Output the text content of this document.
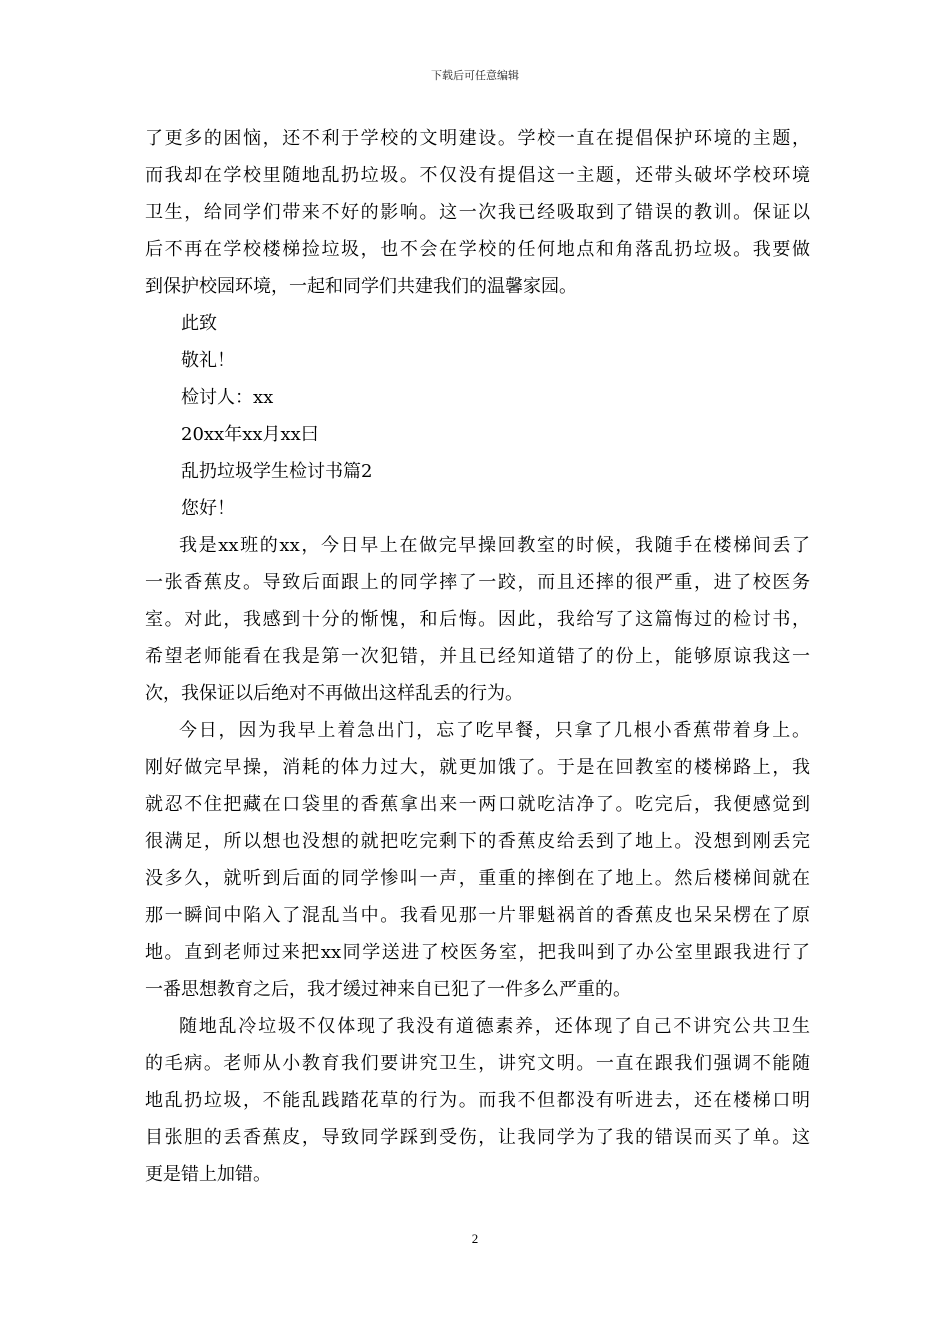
下载后可任意编辑
了更多的困恼，还不利于学校的文明建设。学校一直在提倡保护环境的主题，
而我却在学校里随地乱扔垃圾。不仅没有提倡这一主题，还带头破坏学校环境
卫生，给同学们带来不好的影响。这一次我已经吸取到了错误的教训。保证以
后不再在学校楼梯捡垃圾，也不会在学校的任何地点和角落乱扔垃圾。我要做
到保护校园环境，一起和同学们共建我们的温馨家园。
此致
敬礼！
检讨人：xx
20xx年xx月xx曰
乱扔垃圾学生检讨书篇2
您好！
我是xx班的xx，今日早上在做完早操回教室的时候，我随手在楼梯间丢了
一张香蕉皮。导致后面跟上的同学摔了一跤，而且还摔的很严重，进了校医务
室。对此，我感到十分的惭愧，和后悔。因此，我给写了这篇悔过的检讨书，
希望老师能看在我是第一次犯错，并且已经知道错了的份上，能够原谅我这一
次，我保证以后绝对不再做出这样乱丢的行为。
今日，因为我早上着急出门，忘了吃早餐，只拿了几根小香蕉带着身上。
刚好做完早操，消耗的体力过大，就更加饿了。于是在回教室的楼梯路上，我
就忍不住把藏在口袋里的香蕉拿出来一两口就吃洁净了。吃完后，我便感觉到
很满足，所以想也没想的就把吃完剩下的香蕉皮给丢到了地上。没想到刚丢完
没多久，就听到后面的同学惨叫一声，重重的摔倒在了地上。然后楼梯间就在
那一瞬间中陷入了混乱当中。我看见那一片罪魁祸首的香蕉皮也呆呆楞在了原
地。直到老师过来把xx同学送进了校医务室，把我叫到了办公室里跟我进行了
一番思想教育之后，我才缓过神来自已犯了一件多么严重的。
随地乱冷垃圾不仅体现了我没有道德素养，还体现了自己不讲究公共卫生
的毛病。老师从小教育我们要讲究卫生，讲究文明。一直在跟我们强调不能随
地乱扔垃圾，不能乱践踏花草的行为。而我不但都没有听进去，还在楼梯口明
目张胆的丢香蕉皮，导致同学踩到受伤，让我同学为了我的错误而买了单。这
更是错上加错。
2
